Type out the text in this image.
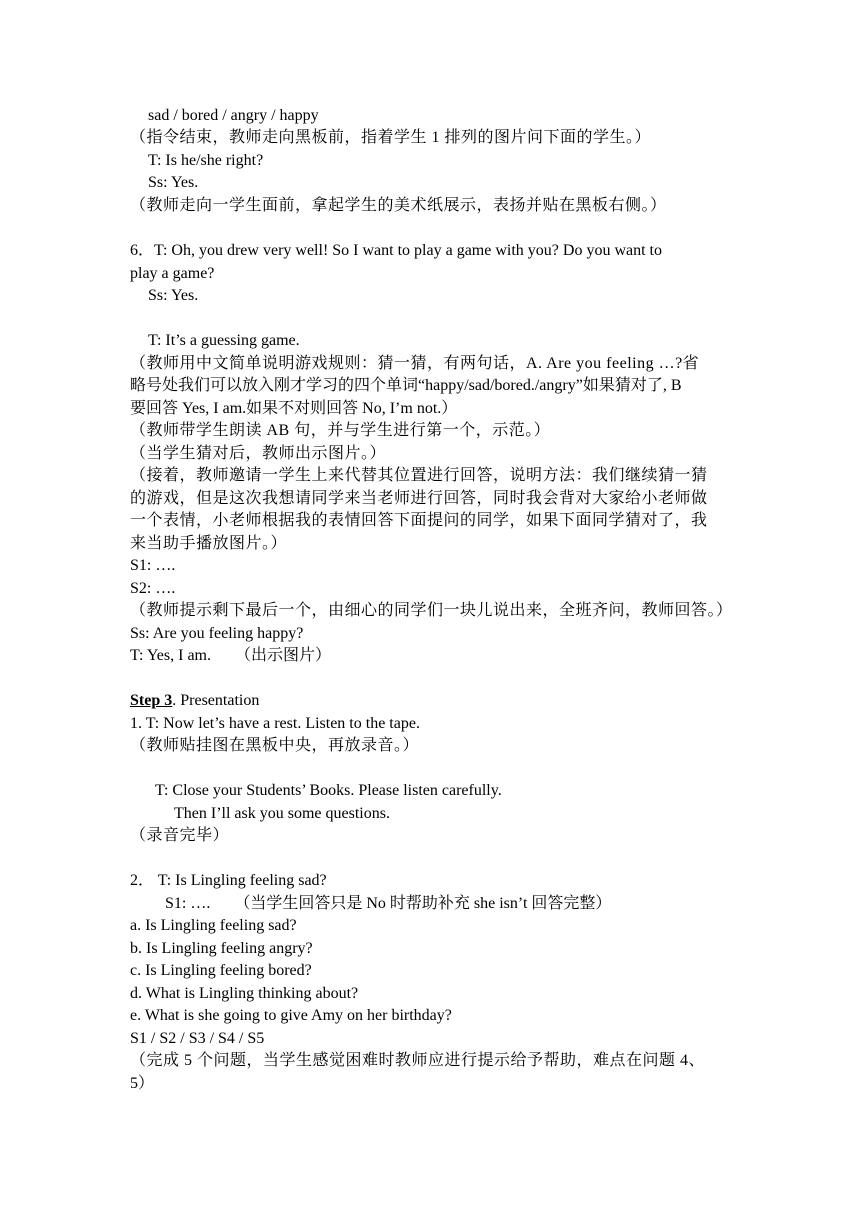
sad / bored / angry / happy
（指令结束，教师走向黑板前，指着学生 1 排列的图片问下面的学生。）
T: Is he/she right?
Ss: Yes.
（教师走向一学生面前，拿起学生的美术纸展示，表扬并贴在黑板右侧。）
6．T: Oh, you drew very well! So I want to play a game with you? Do you want to
play a game?
Ss: Yes.
T: It’s a guessing game.
（教师用中文简单说明游戏规则：猜一猜，有两句话，A. Are you feeling …?省
略号处我们可以放入刚才学习的四个单词“happy/sad/bored./angry”如果猜对了, B
要回答 Yes, I am.如果不对则回答 No, I’m not.）
（教师带学生朗读 AB 句，并与学生进行第一个，示范。）
（当学生猜对后，教师出示图片。）
（接着，教师邀请一学生上来代替其位置进行回答，说明方法：我们继续猜一猜
的游戏，但是这次我想请同学来当老师进行回答，同时我会背对大家给小老师做
一个表情，小老师根据我的表情回答下面提问的同学，如果下面同学猜对了，我
来当助手播放图片。）
S1: ….
S2: ….
（教师提示剩下最后一个，由细心的同学们一块儿说出来，全班齐问，教师回答。）
Ss: Are you feeling happy?
T: Yes, I am.　　（出示图片）
Step 3. Presentation
1. T: Now let’s have a rest. Listen to the tape.
（教师贴挂图在黑板中央，再放录音。）
T: Close your Students’ Books. Please listen carefully.
Then I’ll ask you some questions.
（录音完毕）
2． T: Is Lingling feeling sad?
S1: ….　　（当学生回答只是 No 时帮助补充 she isn’t 回答完整）
a. Is Lingling feeling sad?
b. Is Lingling feeling angry?
c. Is Lingling feeling bored?
d. What is Lingling thinking about?
e. What is she going to give Amy on her birthday?
S1 / S2 / S3 / S4 / S5
（完成 5 个问题，当学生感觉困难时教师应进行提示给予帮助，难点在问题 4、
5）
